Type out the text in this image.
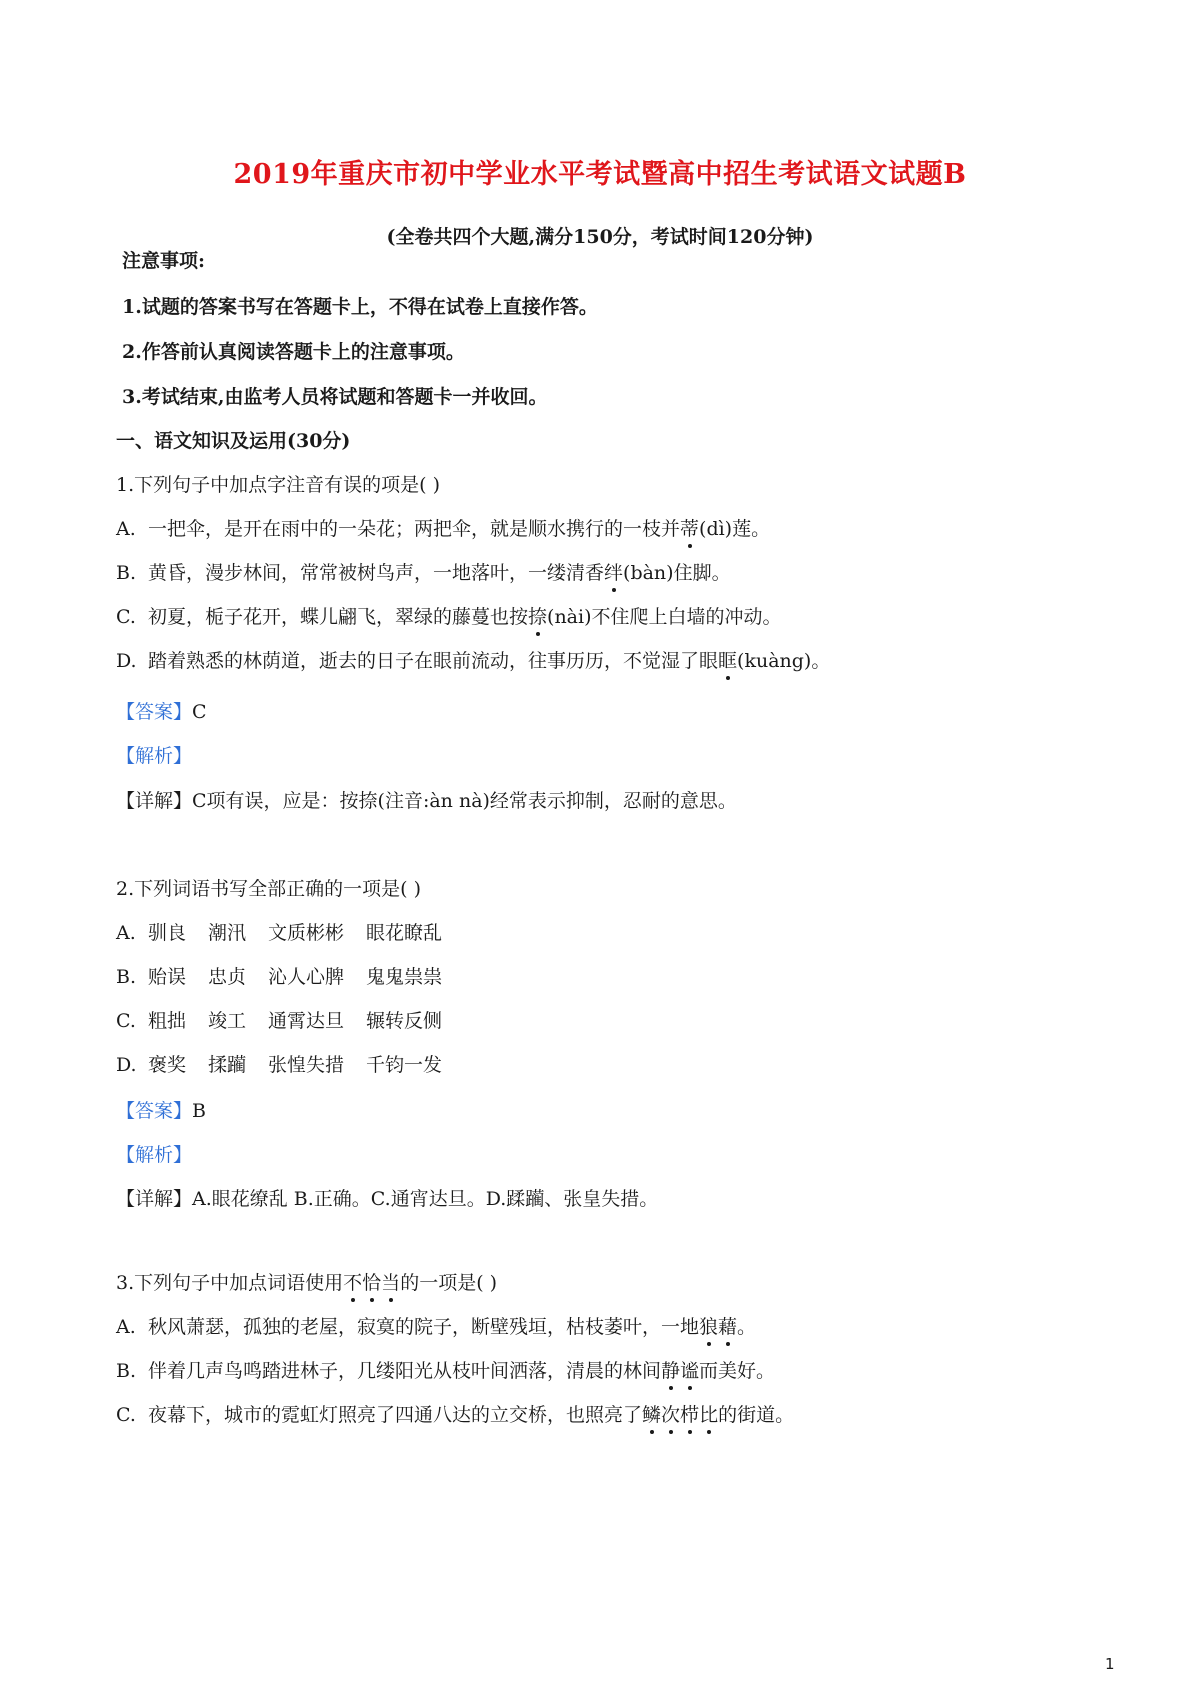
2019年重庆市初中学业水平考试暨高中招生考试语文试题B
(全卷共四个大题,满分150分，考试时间120分钟)
注意事项:
1.试题的答案书写在答题卡上，不得在试卷上直接作答。
2.作答前认真阅读答题卡上的注意事项。
3.考试结束,由监考人员将试题和答题卡一并收回。
一、语文知识及运用(30分)
1.下列句子中加点字注音有误的项是( )
A. 一把伞，是开在雨中的一朵花；两把伞，就是顺水携行的一枝并蒂(dì)莲。
B. 黄昏，漫步林间，常常被树鸟声，一地落叶，一缕清香绊(bàn)住脚。
C. 初夏，栀子花开，蝶儿翩飞，翠绿的藤蔓也按捺(nài)不住爬上白墙的冲动。
D. 踏着熟悉的林荫道，逝去的日子在眼前流动，往事历历，不觉湿了眼眶(kuàng)。
【答案】C
【解析】
【详解】C项有误，应是：按捺(注音:àn nà)经常表示抑制，忍耐的意思。
2.下列词语书写全部正确的一项是( )
A. 驯良 潮汛 文质彬彬 眼花瞭乱
B. 贻误 忠贞 沁人心脾 鬼鬼祟祟
C. 粗拙 竣工 通霄达旦 辗转反侧
D. 褒奖 揉躏 张惶失措 千钧一发
【答案】B
【解析】
【详解】A.眼花缭乱 B.正确。C.通宵达旦。D.蹂躏、张皇失措。
3.下列句子中加点词语使用不恰当的一项是( )
A. 秋风萧瑟，孤独的老屋，寂寞的院子，断壁残垣，枯枝萎叶，一地狼藉。
B. 伴着几声鸟鸣踏进林子，几缕阳光从枝叶间洒落，清晨的林间静谧而美好。
C. 夜幕下，城市的霓虹灯照亮了四通八达的立交桥，也照亮了鳞次栉比的街道。
1
